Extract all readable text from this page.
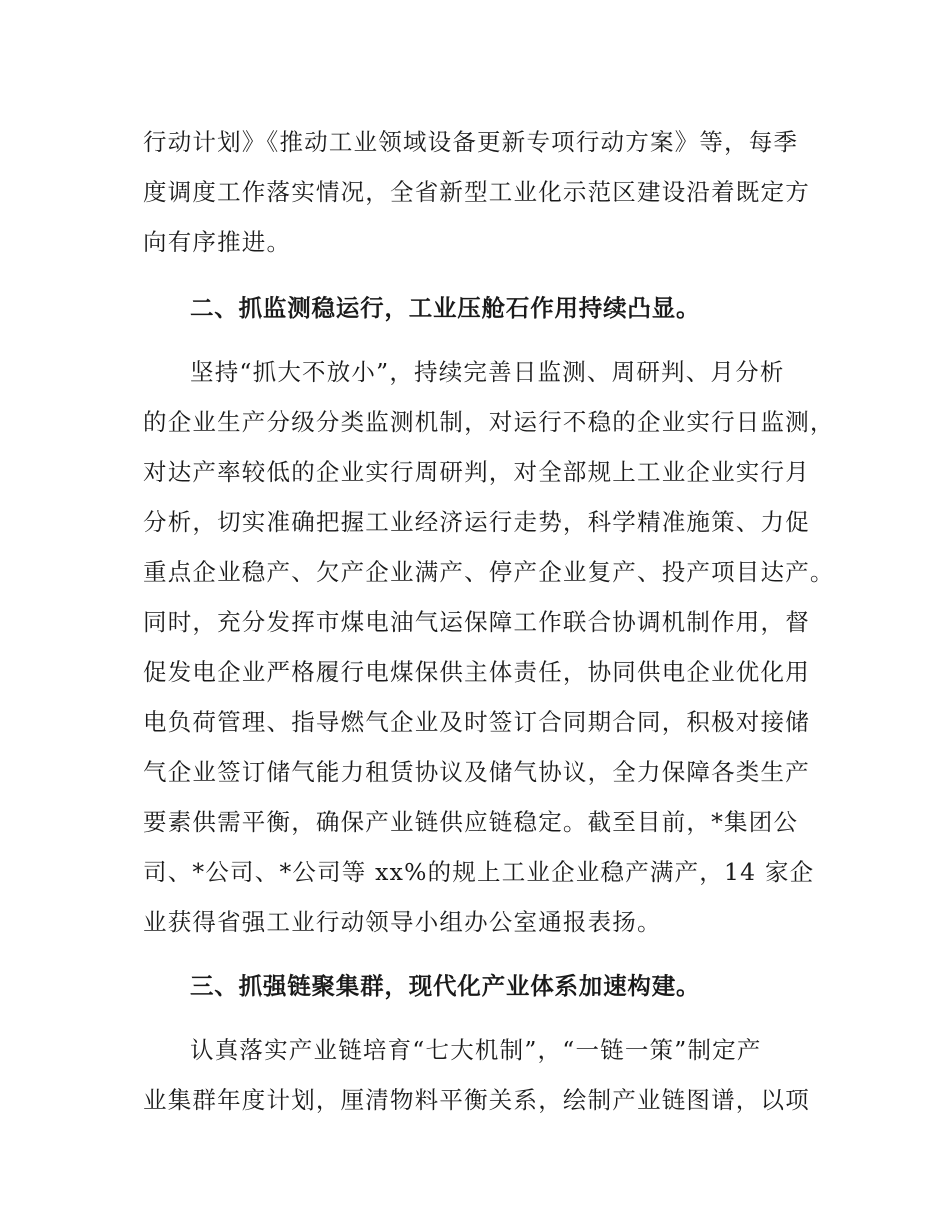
行动计划》《推动工业领域设备更新专项行动方案》等，每季
度调度工作落实情况，全省新型工业化示范区建设沿着既定方
向有序推进。
二、抓监测稳运行，工业压舱石作用持续凸显。
坚持“抓大不放小”，持续完善日监测、周研判、月分析
的企业生产分级分类监测机制，对运行不稳的企业实行日监测，
对达产率较低的企业实行周研判，对全部规上工业企业实行月
分析，切实准确把握工业经济运行走势，科学精准施策、力促
重点企业稳产、欠产企业满产、停产企业复产、投产项目达产。
同时，充分发挥市煤电油气运保障工作联合协调机制作用，督
促发电企业严格履行电煤保供主体责任，协同供电企业优化用
电负荷管理、指导燃气企业及时签订合同期合同，积极对接储
气企业签订储气能力租赁协议及储气协议，全力保障各类生产
要素供需平衡，确保产业链供应链稳定。截至目前，*集团公
司、*公司、*公司等 xx%的规上工业企业稳产满产，14 家企
业获得省强工业行动领导小组办公室通报表扬。
三、抓强链聚集群，现代化产业体系加速构建。
认真落实产业链培育“七大机制”，“一链一策”制定产
业集群年度计划，厘清物料平衡关系，绘制产业链图谱，以项
